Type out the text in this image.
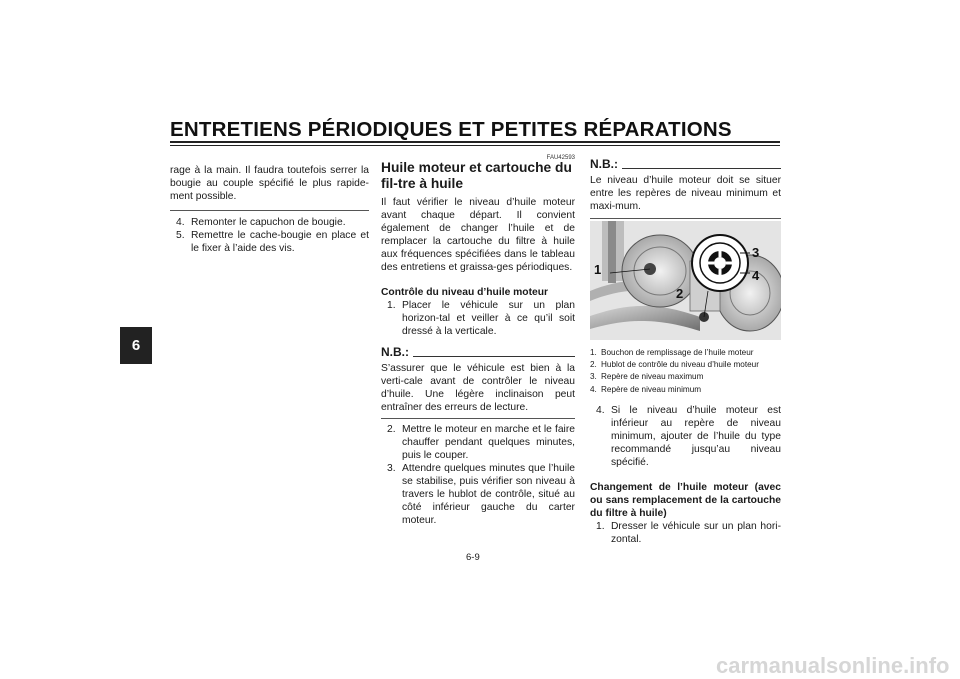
ENTRETIENS PÉRIODIQUES ET PETITES RÉPARATIONS
6

rage à la main. Il faudra toutefois serrer la bougie au couple spécifié le plus rapide-ment possible.

4. Remonter le capuchon de bougie.
5. Remettre le cache-bougie en place et le fixer à l’aide des vis.
FAU42593

Huile moteur et cartouche du fil-tre à huile

Il faut vérifier le niveau d’huile moteur avant chaque départ. Il convient également de changer l’huile et de remplacer la cartouche du filtre à huile aux fréquences spécifiées dans le tableau des entretiens et graissa-ges périodiques.

Contrôle du niveau d’huile moteur

1. Placer le véhicule sur un plan horizon-tal et veiller à ce qu’il soit dressé à la verticale.
N.B.:

S’assurer que le véhicule est bien à la verti-cale avant de contrôler le niveau d’huile. Une légère inclinaison peut entraîner des erreurs de lecture.

2. Mettre le moteur en marche et le faire chauffer pendant quelques minutes, puis le couper.
3. Attendre quelques minutes que l’huile se stabilise, puis vérifier son niveau à travers le hublot de contrôle, situé au côté inférieur gauche du carter moteur.
N.B.:

Le niveau d’huile moteur doit se situer entre les repères de niveau minimum et maxi-mum.

1
2
3
4
1. Bouchon de remplissage de l’huile moteur
2. Hublot de contrôle du niveau d’huile moteur
3. Repère de niveau maximum
4. Repère de niveau minimum
4. Si le niveau d’huile moteur est inférieur au repère de niveau minimum, ajouter de l’huile du type recommandé jusqu’au niveau spécifié.

Changement de l’huile moteur (avec ou sans remplacement de la cartouche du filtre à huile)

1. Dresser le véhicule sur un plan hori-zontal.
6-9
carmanualsonline.info
